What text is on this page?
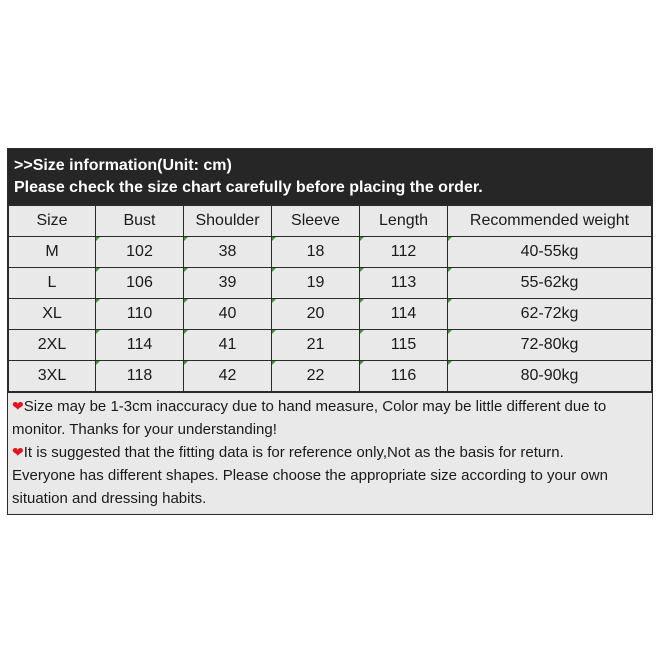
>>Size information(Unit: cm)
Please check the size chart carefully before placing the order.
Size	Bust	Shoulder	Sleeve	Length	Recommended weight
M	102	38	18	112	40-55kg
L	106	39	19	113	55-62kg
XL	110	40	20	114	62-72kg
2XL	114	41	21	115	72-80kg
3XL	118	42	22	116	80-90kg
❤Size may be 1-3cm inaccuracy due to hand measure, Color may be little different due to monitor. Thanks for your understanding!
❤It is suggested that the fitting data is for reference only,Not as the basis for return.
Everyone has different shapes. Please choose the appropriate size according to your own situation and dressing habits.
